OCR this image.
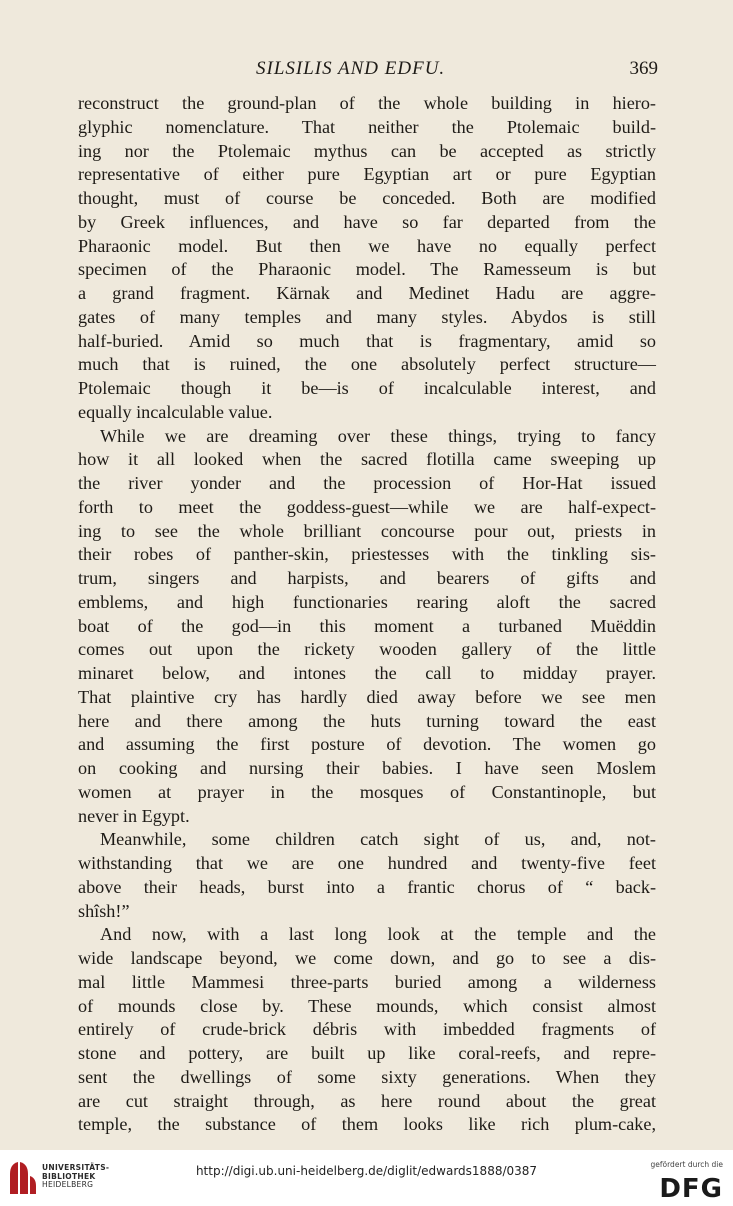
SILSILIS AND EDFU.	369
reconstruct the ground-plan of the whole building in hiero-
glyphic nomenclature. That neither the Ptolemaic build-
ing nor the Ptolemaic mythus can be accepted as strictly
representative of either pure Egyptian art or pure Egyptian
thought, must of course be conceded. Both are modified
by Greek influences, and have so far departed from the
Pharaonic model. But then we have no equally perfect
specimen of the Pharaonic model. The Ramesseum is but
a grand fragment. Kärnak and Medinet Hadu are aggre-
gates of many temples and many styles. Abydos is still
half-buried. Amid so much that is fragmentary, amid so
much that is ruined, the one absolutely perfect structure—
Ptolemaic though it be—is of incalculable interest, and
equally incalculable value.
While we are dreaming over these things, trying to fancy
how it all looked when the sacred flotilla came sweeping up
the river yonder and the procession of Hor-Hat issued
forth to meet the goddess-guest—while we are half-expect-
ing to see the whole brilliant concourse pour out, priests in
their robes of panther-skin, priestesses with the tinkling sis-
trum, singers and harpists, and bearers of gifts and
emblems, and high functionaries rearing aloft the sacred
boat of the god—in this moment a turbaned Muëddin
comes out upon the rickety wooden gallery of the little
minaret below, and intones the call to midday prayer.
That plaintive cry has hardly died away before we see men
here and there among the huts turning toward the east
and assuming the first posture of devotion. The women go
on cooking and nursing their babies. I have seen Moslem
women at prayer in the mosques of Constantinople, but
never in Egypt.
Meanwhile, some children catch sight of us, and, not-
withstanding that we are one hundred and twenty-five feet
above their heads, burst into a frantic chorus of “ back-
shîsh!”
And now, with a last long look at the temple and the
wide landscape beyond, we come down, and go to see a dis-
mal little Mammesi three-parts buried among a wilderness
of mounds close by. These mounds, which consist almost
entirely of crude-brick débris with imbedded fragments of
stone and pottery, are built up like coral-reefs, and repre-
sent the dwellings of some sixty generations. When they
are cut straight through, as here round about the great
temple, the substance of them looks like rich plum-cake,
UNIVERSITÄTS-
BIBLIOTHEK
HEIDELBERG
http://digi.ub.uni-heidelberg.de/diglit/edwards1888/0387	gefördert durch die
DFG
